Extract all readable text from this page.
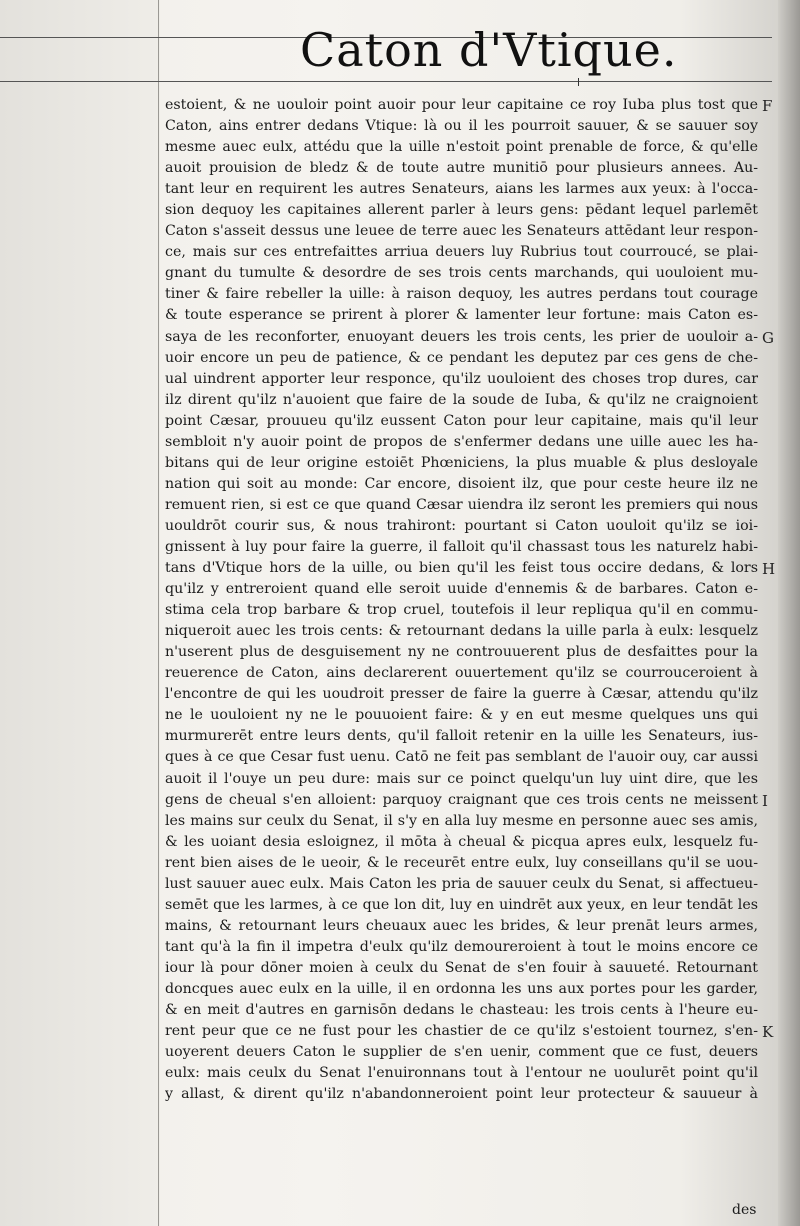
Caton d'Vtique.
estoient, & ne uouloir point auoir pour leur capitaine ce roy Iuba plus tost que
Caton, ains entrer dedans Vtique: là ou il les pourroit sauuer, & se sauuer soy
mesme auec eulx, attédu que la uille n'estoit point prenable de force, & qu'elle
auoit prouision de bledz & de toute autre munitiō pour plusieurs annees. Au-
tant leur en requirent les autres Senateurs, aians les larmes aux yeux: à l'occa-
sion dequoy les capitaines allerent parler à leurs gens: pēdant lequel parlemēt
Caton s'asseit dessus une leuee de terre auec les Senateurs attēdant leur respon-
ce, mais sur ces entrefaittes arriua deuers luy Rubrius tout courroucé, se plai-
gnant du tumulte & desordre de ses trois cents marchands, qui uouloient mu-
tiner & faire rebeller la uille: à raison dequoy, les autres perdans tout courage
& toute esperance se prirent à plorer & lamenter leur fortune: mais Caton es-
saya de les reconforter, enuoyant deuers les trois cents, les prier de uouloir a-
uoir encore un peu de patience, & ce pendant les deputez par ces gens de che-
ual uindrent apporter leur responce, qu'ilz uouloient des choses trop dures, car
ilz dirent qu'ilz n'auoient que faire de la soude de Iuba, & qu'ilz ne craignoient
point Cæsar, prouueu qu'ilz eussent Caton pour leur capitaine, mais qu'il leur
sembloit n'y auoir point de propos de s'enfermer dedans une uille auec les ha-
bitans qui de leur origine estoiēt Phœniciens, la plus muable & plus desloyale
nation qui soit au monde: Car encore, disoient ilz, que pour ceste heure ilz ne
remuent rien, si est ce que quand Cæsar uiendra ilz seront les premiers qui nous
uouldrōt courir sus, & nous trahiront: pourtant si Caton uouloit qu'ilz se ioi-
gnissent à luy pour faire la guerre, il falloit qu'il chassast tous les naturelz habi-
tans d'Vtique hors de la uille, ou bien qu'il les feist tous occire dedans, & lors
qu'ilz y entreroient quand elle seroit uuide d'ennemis & de barbares. Caton e-
stima cela trop barbare & trop cruel, toutefois il leur repliqua qu'il en commu-
niqueroit auec les trois cents: & retournant dedans la uille parla à eulx: lesquelz
n'userent plus de desguisement ny ne controuuerent plus de desfaittes pour la
reuerence de Caton, ains declarerent ouuertement qu'ilz se courrouceroient à
l'encontre de qui les uoudroit presser de faire la guerre à Cæsar, attendu qu'ilz
ne le uouloient ny ne le pouuoient faire: & y en eut mesme quelques uns qui
murmurerēt entre leurs dents, qu'il falloit retenir en la uille les Senateurs, ius-
ques à ce que Cesar fust uenu. Catō ne feit pas semblant de l'auoir ouy, car aussi
auoit il l'ouye un peu dure: mais sur ce poinct quelqu'un luy uint dire, que les
gens de cheual s'en alloient: parquoy craignant que ces trois cents ne meissent
les mains sur ceulx du Senat, il s'y en alla luy mesme en personne auec ses amis,
& les uoiant desia esloignez, il mōta à cheual & picqua apres eulx, lesquelz fu-
rent bien aises de le ueoir, & le receurēt entre eulx, luy conseillans qu'il se uou-
lust sauuer auec eulx. Mais Caton les pria de sauuer ceulx du Senat, si affectueu-
semēt que les larmes, à ce que lon dit, luy en uindrēt aux yeux, en leur tendāt les
mains, & retournant leurs cheuaux auec les brides, & leur prenāt leurs armes,
tant qu'à la fin il impetra d'eulx qu'ilz demoureroient à tout le moins encore ce
iour là pour dōner moien à ceulx du Senat de s'en fouir à sauueté. Retournant
doncques auec eulx en la uille, il en ordonna les uns aux portes pour les garder,
& en meit d'autres en garnisōn dedans le chasteau: les trois cents à l'heure eu-
rent peur que ce ne fust pour les chastier de ce qu'ilz s'estoient tournez, s'en-
uoyerent deuers Caton le supplier de s'en uenir, comment que ce fust, deuers
eulx: mais ceulx du Senat l'enuironnans tout à l'entour ne uoulurēt point qu'il
y allast, & dirent qu'ilz n'abandonneroient point leur protecteur & sauueur à
F
G
H
I
K
des
